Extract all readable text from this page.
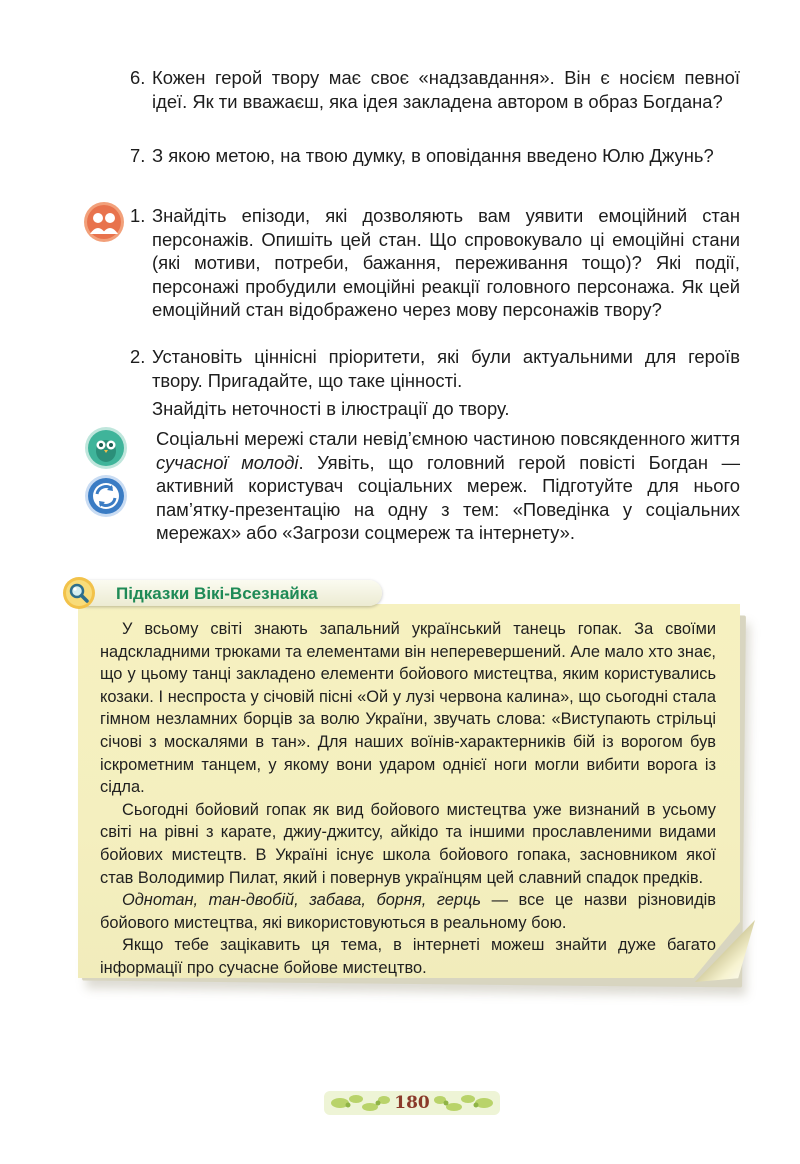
6. Кожен герой твору має своє «надзавдання». Він є носієм певної ідеї. Як ти вважаєш, яка ідея закладена автором в образ Богдана?

7. З якою метою, на твою думку, в оповідання введено Юлю Джунь?

1. Знайдіть епізоди, які дозволяють вам уявити емоційний стан персонажів. Опишіть цей стан. Що спровокувало ці емоційні стани (які мотиви, потреби, бажання, переживання тощо)? Які події, персонажі пробудили емоційні реакції головного персонажа. Як цей емоційний стан відображено через мову персонажів твору?

2. Установіть ціннісні пріоритети, які були актуальними для героїв твору. Пригадайте, що таке цінності.

Знайдіть неточності в ілюстрації до твору.

Соціальні мережі стали невід’ємною частиною повсякденного життя сучасної молоді. Уявіть, що головний герой повісті Богдан — активний користувач соціальних мереж. Підготуйте для нього пам’ятку-презентацію на одну з тем: «Поведінка у соціальних мережах» або «Загрози соцмереж та інтернету».

Підказки Вікі-Всезнайка

У всьому світі знають запальний український танець гопак. За своїми надскладними трюками та елементами він неперевершений. Але мало хто знає, що у цьому танці закладено елементи бойового мистецтва, яким користувались козаки. І неспроста у січовій пісні «Ой у лузі червона калина», що сьогодні стала гімном незламних борців за волю України, звучать слова: «Виступають стрільці січові з москалями в тан». Для наших воїнів-характерників бій із ворогом був іскрометним танцем, у якому вони ударом однієї ноги могли вибити ворога із сідла.

Сьогодні бойовий гопак як вид бойового мистецтва уже визнаний в усьому світі на рівні з карате, джиу-джитсу, айкідо та іншими прославленими видами бойових мистецтв. В Україні існує школа бойового гопака, засновником якої став Володимир Пилат, який і повернув українцям цей славний спадок предків.

Однотан, тан-двобій, забава, борня, герць — все це назви різновидів бойового мистецтва, які використовуються в реальному бою.

Якщо тебе зацікавить ця тема, в інтернеті можеш знайти дуже багато інформації про сучасне бойове мистецтво.

180
